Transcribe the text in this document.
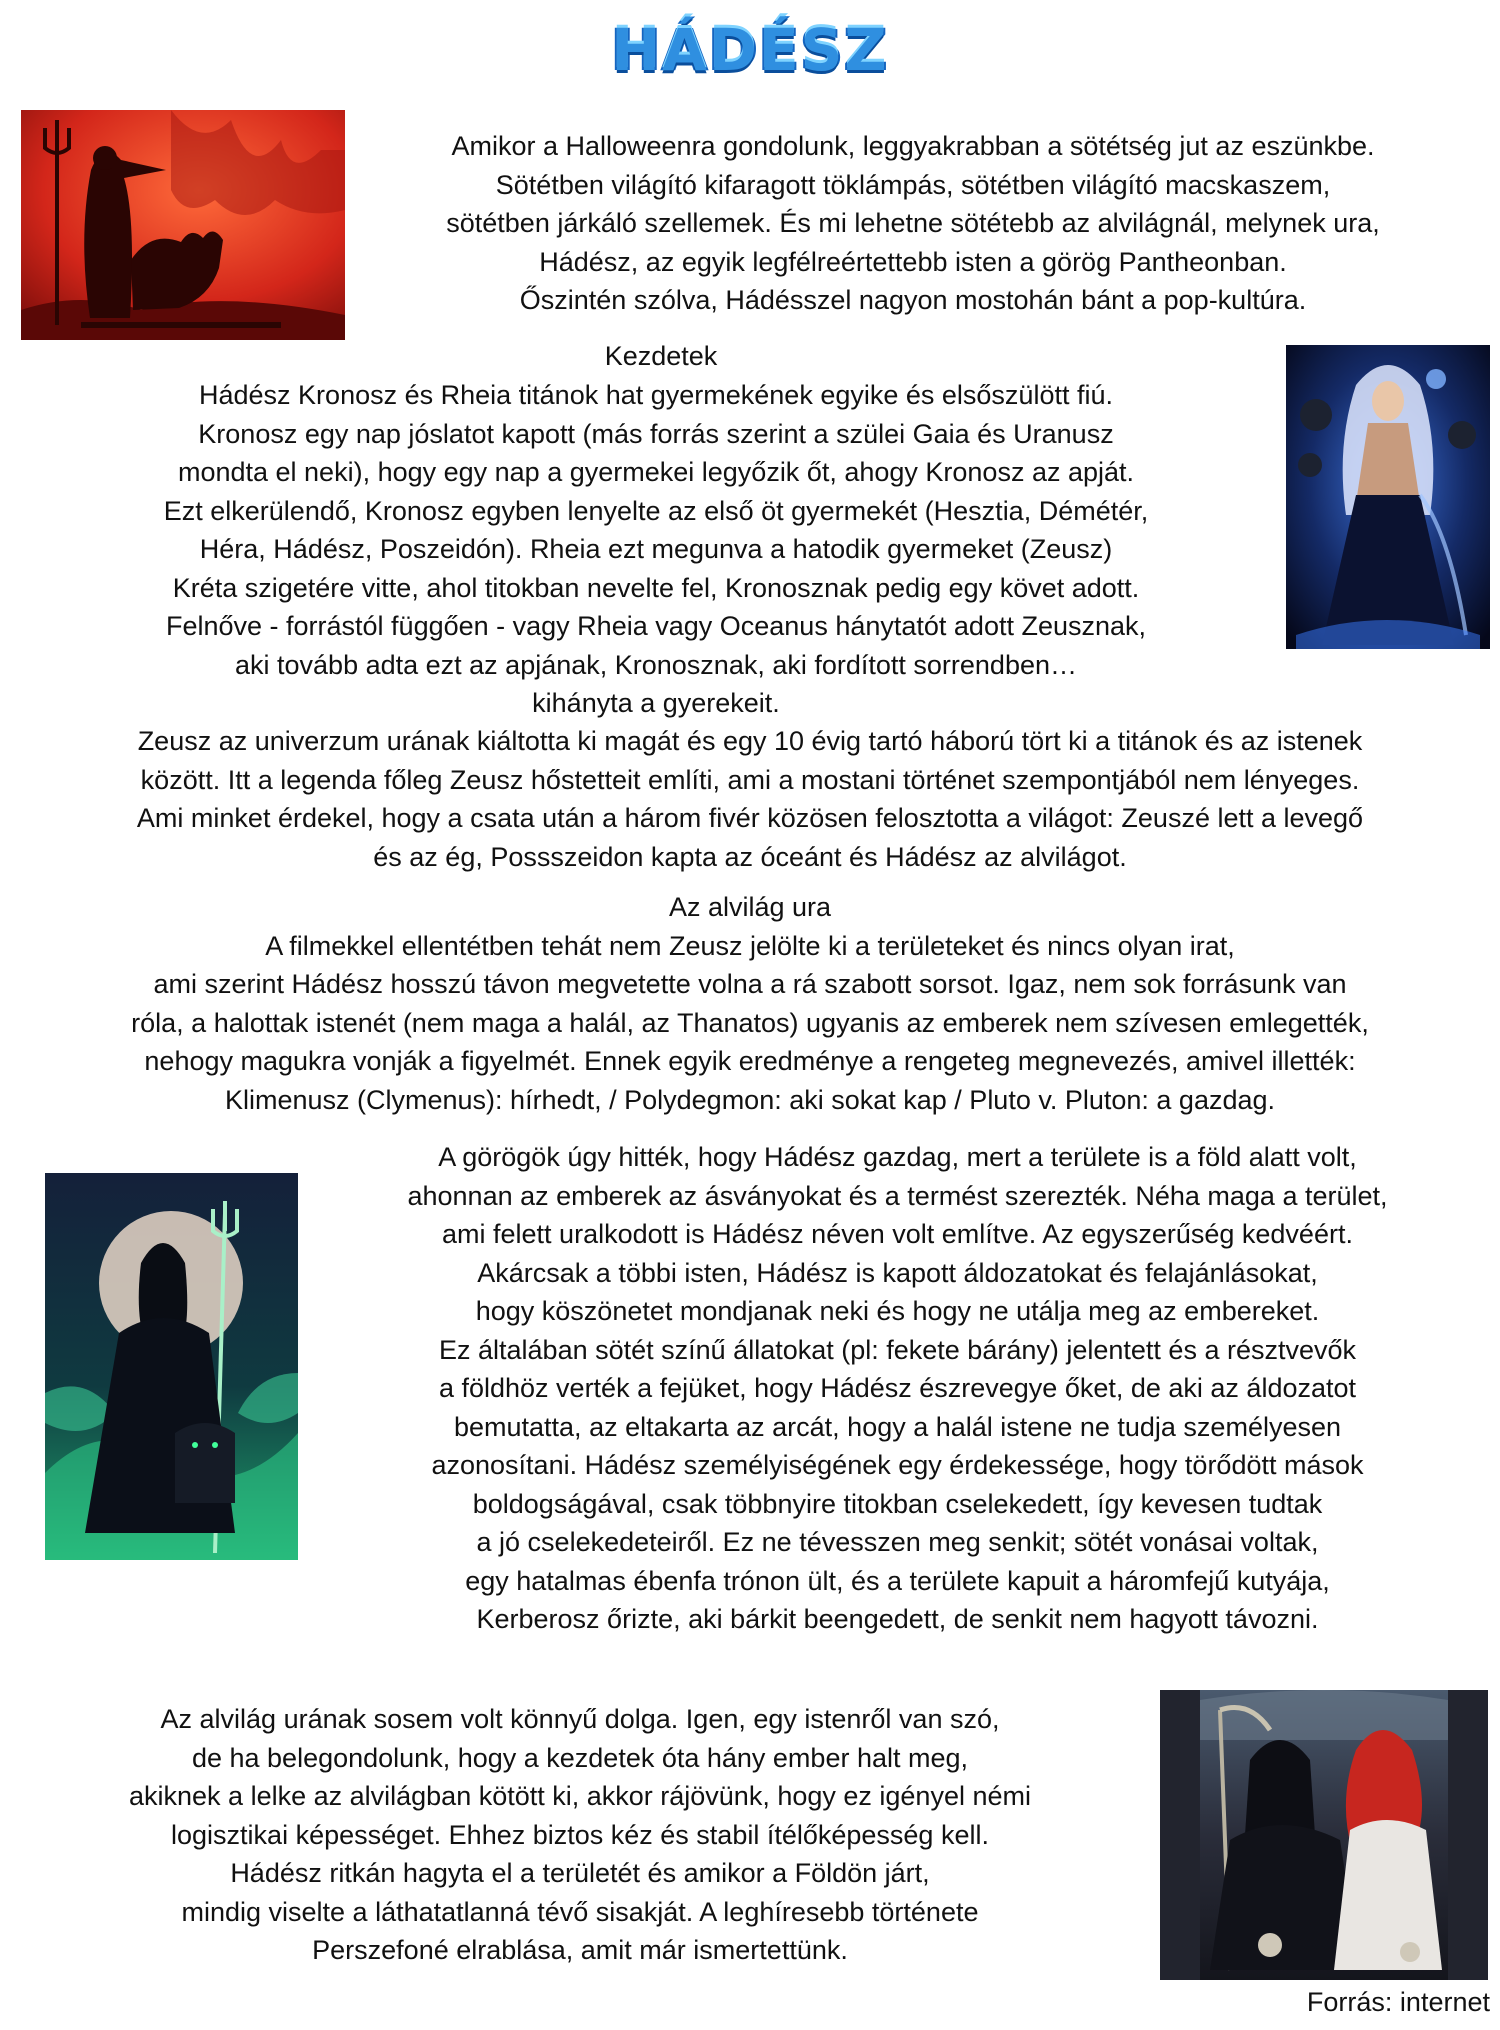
HÁDÉSZ
Amikor a Halloweenra gondolunk, leggyakrabban a sötétség jut az eszünkbe.
Sötétben világító kifaragott töklámpás, sötétben világító macskaszem,
sötétben járkáló szellemek. És mi lehetne sötétebb az alvilágnál, melynek ura,
Hádész, az egyik legfélreértettebb isten a görög Pantheonban.
Őszintén szólva, Hádésszel nagyon mostohán bánt a pop-kultúra.
Kezdetek
Hádész Kronosz és Rheia titánok hat gyermekének egyike és elsőszülött fiú.
Kronosz egy nap jóslatot kapott (más forrás szerint a szülei Gaia és Uranusz
mondta el neki), hogy egy nap a gyermekei legyőzik őt, ahogy Kronosz az apját.
Ezt elkerülendő, Kronosz egyben lenyelte az első öt gyermekét (Hesztia, Démétér,
Héra, Hádész, Poszeidón). Rheia ezt megunva a hatodik gyermeket (Zeusz)
Kréta szigetére vitte, ahol titokban nevelte fel, Kronosznak pedig egy követ adott.
Felnőve - forrástól függően - vagy Rheia vagy Oceanus hánytatót adott Zeusznak,
aki tovább adta ezt az apjának, Kronosznak, aki fordított sorrendben…
kihányta a gyerekeit.
Zeusz az univerzum urának kiáltotta ki magát és egy 10 évig tartó háború tört ki a titánok és az istenek
között. Itt a legenda főleg Zeusz hőstetteit említi, ami a mostani történet szempontjából nem lényeges.
Ami minket érdekel, hogy a csata után a három fivér közösen felosztotta a világot: Zeuszé lett a levegő
és az ég, Possszeidon kapta az óceánt és Hádész az alvilágot.
Az alvilág ura
A filmekkel ellentétben tehát nem Zeusz jelölte ki a területeket és nincs olyan irat,
ami szerint Hádész hosszú távon megvetette volna a rá szabott sorsot. Igaz, nem sok forrásunk van
róla, a halottak istenét (nem maga a halál, az Thanatos) ugyanis az emberek nem szívesen emlegették,
nehogy magukra vonják a figyelmét. Ennek egyik eredménye a rengeteg megnevezés, amivel illették:
Klimenusz (Clymenus): hírhedt, / Polydegmon: aki sokat kap / Pluto v. Pluton: a gazdag.
A görögök úgy hitték, hogy Hádész gazdag, mert a területe is a föld alatt volt,
ahonnan az emberek az ásványokat és a termést szerezték. Néha maga a terület,
ami felett uralkodott is Hádész néven volt említve. Az egyszerűség kedvéért.
Akárcsak a többi isten, Hádész is kapott áldozatokat és felajánlásokat,
hogy köszönetet mondjanak neki és hogy ne utálja meg az embereket.
Ez általában sötét színű állatokat (pl: fekete bárány) jelentett és a résztvevők
a földhöz verték a fejüket, hogy Hádész észrevegye őket, de aki az áldozatot
bemutatta, az eltakarta az arcát, hogy a halál istene ne tudja személyesen
azonosítani. Hádész személyiségének egy érdekessége, hogy törődött mások
boldogságával, csak többnyire titokban cselekedett, így kevesen tudtak
a jó cselekedeteiről. Ez ne tévesszen meg senkit; sötét vonásai voltak,
egy hatalmas ébenfa trónon ült, és a területe kapuit a háromfejű kutyája,
Kerberosz őrizte, aki bárkit beengedett, de senkit nem hagyott távozni.
Az alvilág urának sosem volt könnyű dolga. Igen, egy istenről van szó,
de ha belegondolunk, hogy a kezdetek óta hány ember halt meg,
akiknek a lelke az alvilágban kötött ki, akkor rájövünk, hogy ez igényel némi
logisztikai képességet. Ehhez biztos kéz és stabil ítélőképesség kell.
Hádész ritkán hagyta el a területét és amikor a Földön járt,
mindig viselte a láthatatlanná tévő sisakját. A leghíresebb története
Perszefoné elrablása, amit már ismertettünk.
Forrás: internet
